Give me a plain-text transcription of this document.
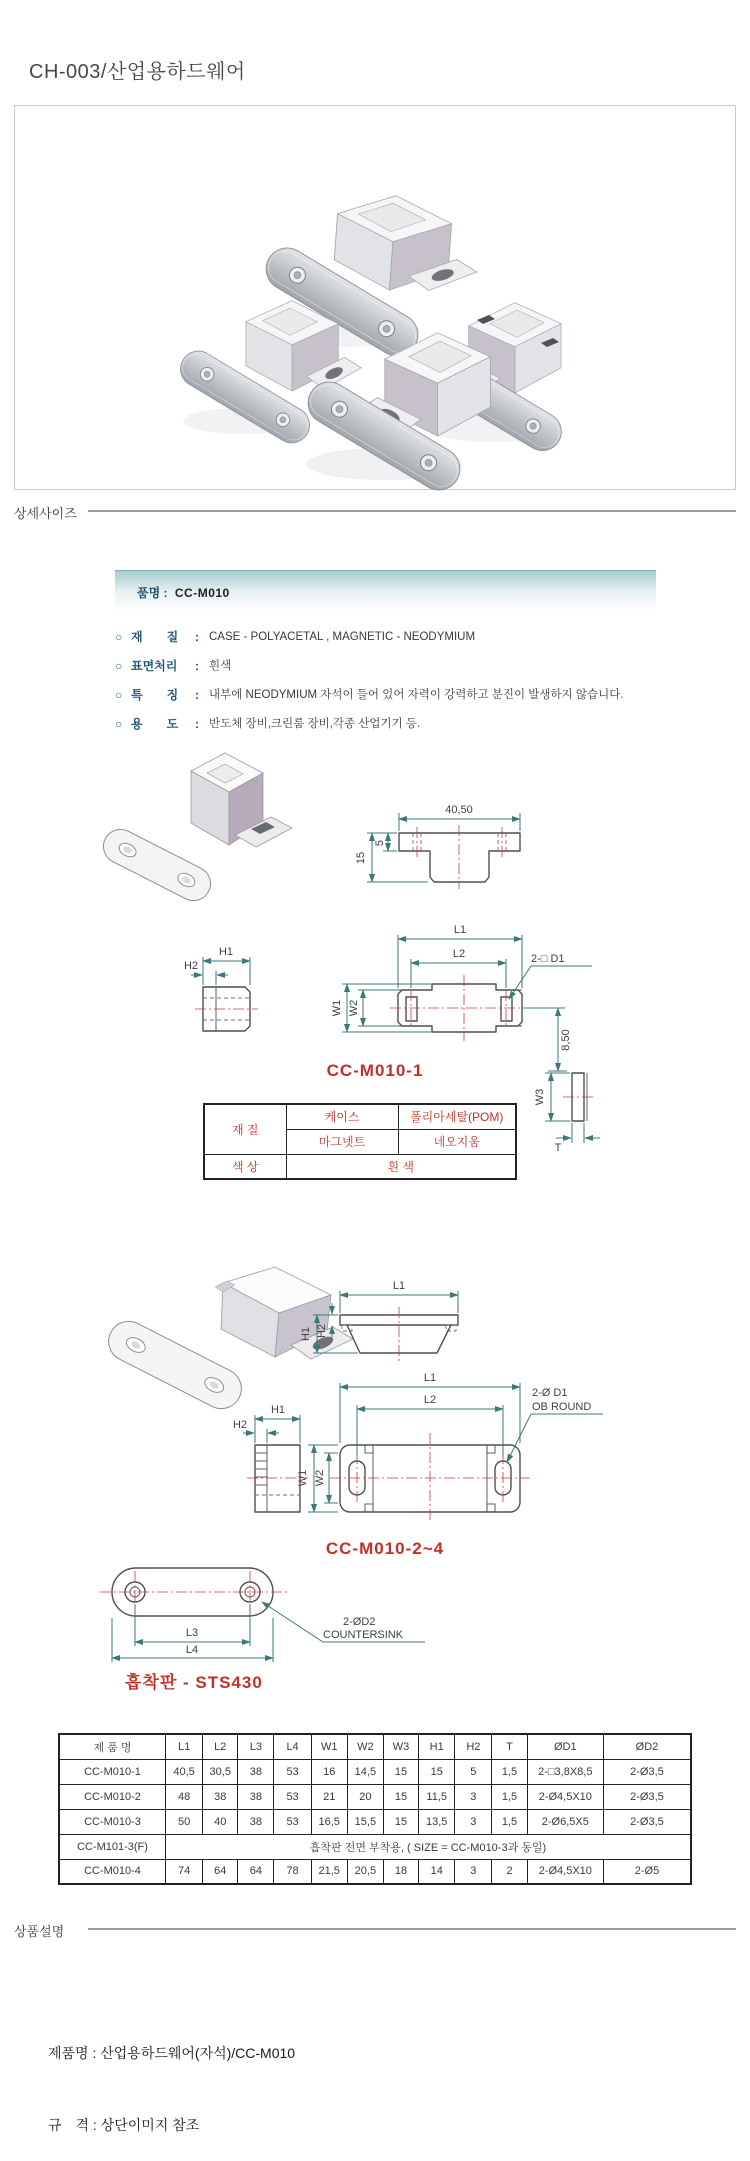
CH-003/산업용하드웨어
상세사이즈
품명 : CC-M010
○ 재　　질	: CASE - POLYACETAL , MAGNETIC - NEODYMIUM
○ 표면처리	: 흰색
○ 특　　징	: 내부에 NEODYMIUM 자석이 들어 있어 자력이 강력하고 분진이 발생하지 않습니다.
○ 용　　도	: 반도체 장비,크린룸 장비,각종 산업기기 등.
40,50
15
5
H1
H2
L1
L2	2-□ D1
W1 W2
8,50
W3
T
CC-M010-1
재 질	케이스	폴리아세탈(POM)
	마그넷트	네오지움
색 상	흰 색	
L1
H1 H2
L1
L2
2-Ø D1
OB ROUND
W1 W2
H1
H2
CC-M010-2~4
L3
L4
2-ØD2
COUNTERSINK
흡착판 - STS430
제 품 명	L1	L2	L3	L4	W1	W2	W3	H1	H2	T	ØD1	ØD2
CC-M010-1	40,5	30,5	38	53	16	14,5	15	15	5	1,5	2-□3,8X8,5	2-Ø3,5
CC-M010-2	48	38	38	53	21	20	15	11,5	3	1,5	2-Ø4,5X10	2-Ø3,5
CC-M010-3	50	40	38	53	16,5	15,5	15	13,5	3	1,5	2-Ø6,5X5	2-Ø3,5
CC-M101-3(F)	흡착판 전면 부착용, ( SIZE = CC-M010-3과 동일)											
CC-M010-4	74	64	64	78	21,5	20,5	18	14	3	2	2-Ø4,5X10	2-Ø5
상품설명

제품명 : 산업용하드웨어(자석)/CC-M010

규　격 : 상단이미지 참조
